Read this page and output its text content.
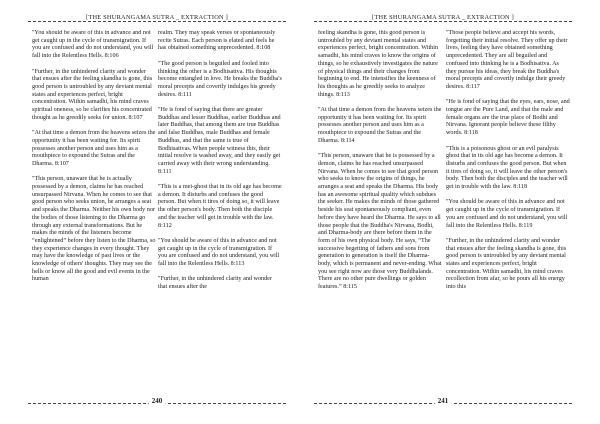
[THE SHURANGAMA SUTRA _ EXTRACTION ]

"You should be aware of this in advance and not get caught up in the cycle of transmigration. If you are confused and do not understand, you will fall into the Relentless Hells. 8:106

"Further, in the unhindered clarity and wonder that ensues after the feeling skandha is gone, this good person is untroubled by any deviant mental states and experiences perfect, bright concentration. Within samadhi, his mind craves spiritual oneness, so he clarifies his concentrated thought as he greedily seeks for union. 8:107

"At that time a demon from the heavens seizes the opportunity it has been waiting for. Its spirit possesses another person and uses him as a mouthpiece to expound the Sutras and the Dharma. 8:107

"This person, unaware that he is actually possessed by a demon, claims he has reached unsurpassed Nirvana. When he comes to see that good person who seeks union, he arranges a seat and speaks the Dharma. Neither his own body nor the bodies of those listening to the Dharma go through any external transformations. But he makes the minds of the listeners become “enlightened” before they listen to the Dharma, so they experience changes in every thought. They may have the knowledge of past lives or the knowledge of others' thoughts. They may see the hells or know all the good and evil events in the human

realm. They may speak verses or spontaneously recite Sutras. Each person is elated and feels he has obtained something unprecedented. 8:108

"The good person is beguiled and fooled into thinking the other is a Bodhisattva. His thoughts become entangled in love. He breaks the Buddha's moral precepts and covertly indulges his greedy desires. 8:111

"He is fond of saying that there are greater Buddhas and lesser Buddhas, earlier Buddhas and later Buddhas, that among them are true Buddhas and false Buddhas, male Buddhas and female Buddhas, and that the same is true of Bodhisattvas. When people witness this, their initial resolve is washed away, and they easily get carried away with their wrong understanding. 8:111

"This is a mei-ghost that in its old age has become a demon. It disturbs and confuses the good person. But when it tires of doing so, it will leave the other person's body. Then both the disciple and the teacher will get in trouble with the law. 8:112

"You should be aware of this in advance and not get caught up in the cycle of transmigration. If you are confused and do not understand, you will fall into the Relentless Hells. 8:113

"Further, in the unhindered clarity and wonder that ensues after the

240
[THE SHURANGAMA SUTRA _ EXTRACTION ]

feeling skandha is gone, this good person is untroubled by any deviant mental states and experiences perfect, bright concentration. Within samadhi, his mind craves to know the origins of things, so he exhaustively investigates the nature of physical things and their changes from beginning to end. He intensifies the keenness of his thoughts as he greedily seeks to analyze things. 8:113

"At that time a demon from the heavens seizes the opportunity it has been waiting for. Its spirit possesses another person and uses him as a mouthpiece to expound the Sutras and the Dharma. 8:114

"This person, unaware that he is possessed by a demon, claims he has reached unsurpassed Nirvana. When he comes to see that good person who seeks to know the origins of things, he arranges a seat and speaks the Dharma. His body has an awesome spiritual quality which subdues the seeker. He makes the minds of those gathered beside his seat spontaneously compliant, even before they have heard the Dharma. He says to all those people that the Buddha's Nirvana, Bodhi, and Dharma-body are there before them in the form of his own physical body. He says, “The successive begetting of fathers and sons from generation to generation is itself the Dharma-body, which is permanent and never-ending. What you see right now are those very Buddhalands. There are no other pure dwellings or golden features.” 8:115

"Those people believe and accept his words, forgetting their initial resolve. They offer up their lives, feeling they have obtained something unprecedented. They are all beguiled and confused into thinking he is a Bodhisattva. As they pursue his ideas, they break the Buddha's moral precepts and covertly indulge their greedy desires. 8:117

"He is fond of saying that the eyes, ears, nose, and tongue are the Pure Land, and that the male and female organs are the true place of Bodhi and Nirvana. Ignorant people believe these filthy words. 8:118

"This is a poisonous ghost or an evil paralysis ghost that in its old age has become a demon. It disturbs and confuses the good person. But when it tires of doing so, it will leave the other person's body. Then both the disciples and the teacher will get in trouble with the law. 8:118

"You should be aware of this in advance and not get caught up in the cycle of transmigration. If you are confused and do not understand, you will fall into the Relentless Hells. 8:119

"Further, in the unhindered clarity and wonder that ensues after the feeling skandha is gone, this good person is untroubled by any deviant mental states and experiences perfect, bright concentration. Within samadhi, his mind craves recollection from afar, so he pours all his energy into this

241
